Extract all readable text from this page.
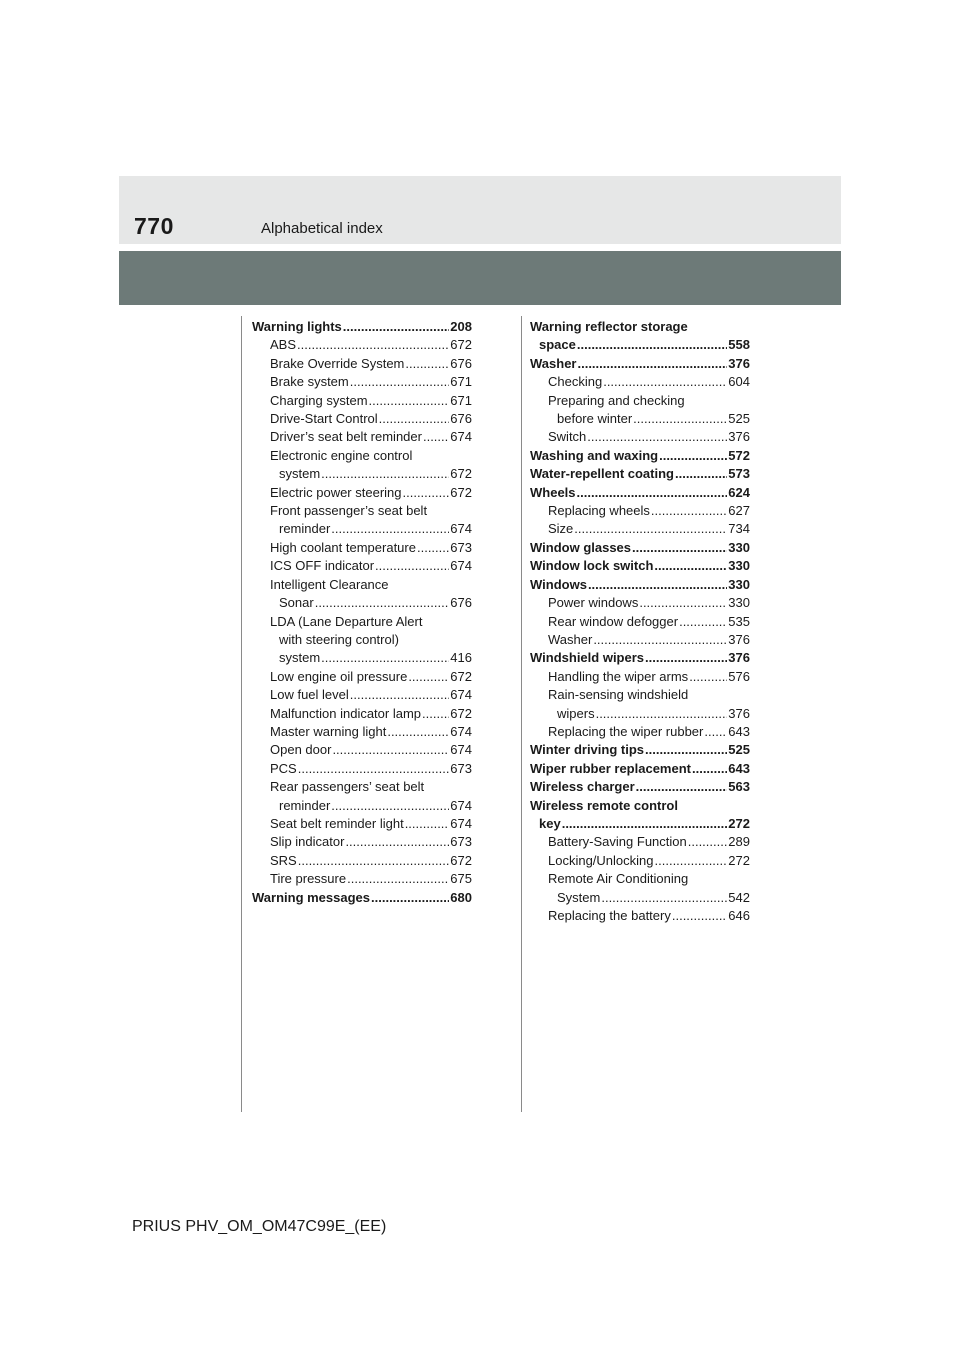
770	Alphabetical index
Warning lights .....	208
ABS .....	672
Brake Override System .....	676
Brake system .....	671
Charging system .....	671
Drive-Start Control .....	676
Driver’s seat belt reminder ..... 674
Electronic engine control
system .....	672
Electric power steering .....	672
Front passenger’s seat belt
reminder .....	674
High coolant temperature .....	673
ICS OFF indicator .....	674
Intelligent Clearance
Sonar .....	676
LDA (Lane Departure Alert
with steering control)
system .....	416
Low engine oil pressure .....	672
Low fuel level .....	674
Malfunction indicator lamp ..... 672
Master warning light .....	674
Open door .....	674
PCS .....	673
Rear passengers’ seat belt
reminder .....	674
Seat belt reminder light .....	674
Slip indicator .....	673
SRS .....	672
Tire pressure .....	675
Warning messages .....	680
Warning reflector storage
space .....	558
Washer .....	376
Checking .....	604
Preparing and checking
before winter .....	525
Switch .....	376
Washing and waxing .....	572
Water-repellent coating .....	573
Wheels .....	624
Replacing wheels .....	627
Size .....	734
Window glasses .....	330
Window lock switch .....	330
Windows .....	330
Power windows .....	330
Rear window defogger .....	535
Washer .....	376
Windshield wipers .....	376
Handling the wiper arms .....	576
Rain-sensing windshield
wipers .....	376
Replacing the wiper rubber ..... 643
Winter driving tips .....	525
Wiper rubber replacement .....	643
Wireless charger .....	563
Wireless remote control
key .....	272
Battery-Saving Function .....	289
Locking/Unlocking .....	272
Remote Air Conditioning
System .....	542
Replacing the battery .....	646
PRIUS PHV_OM_OM47C99E_(EE)
